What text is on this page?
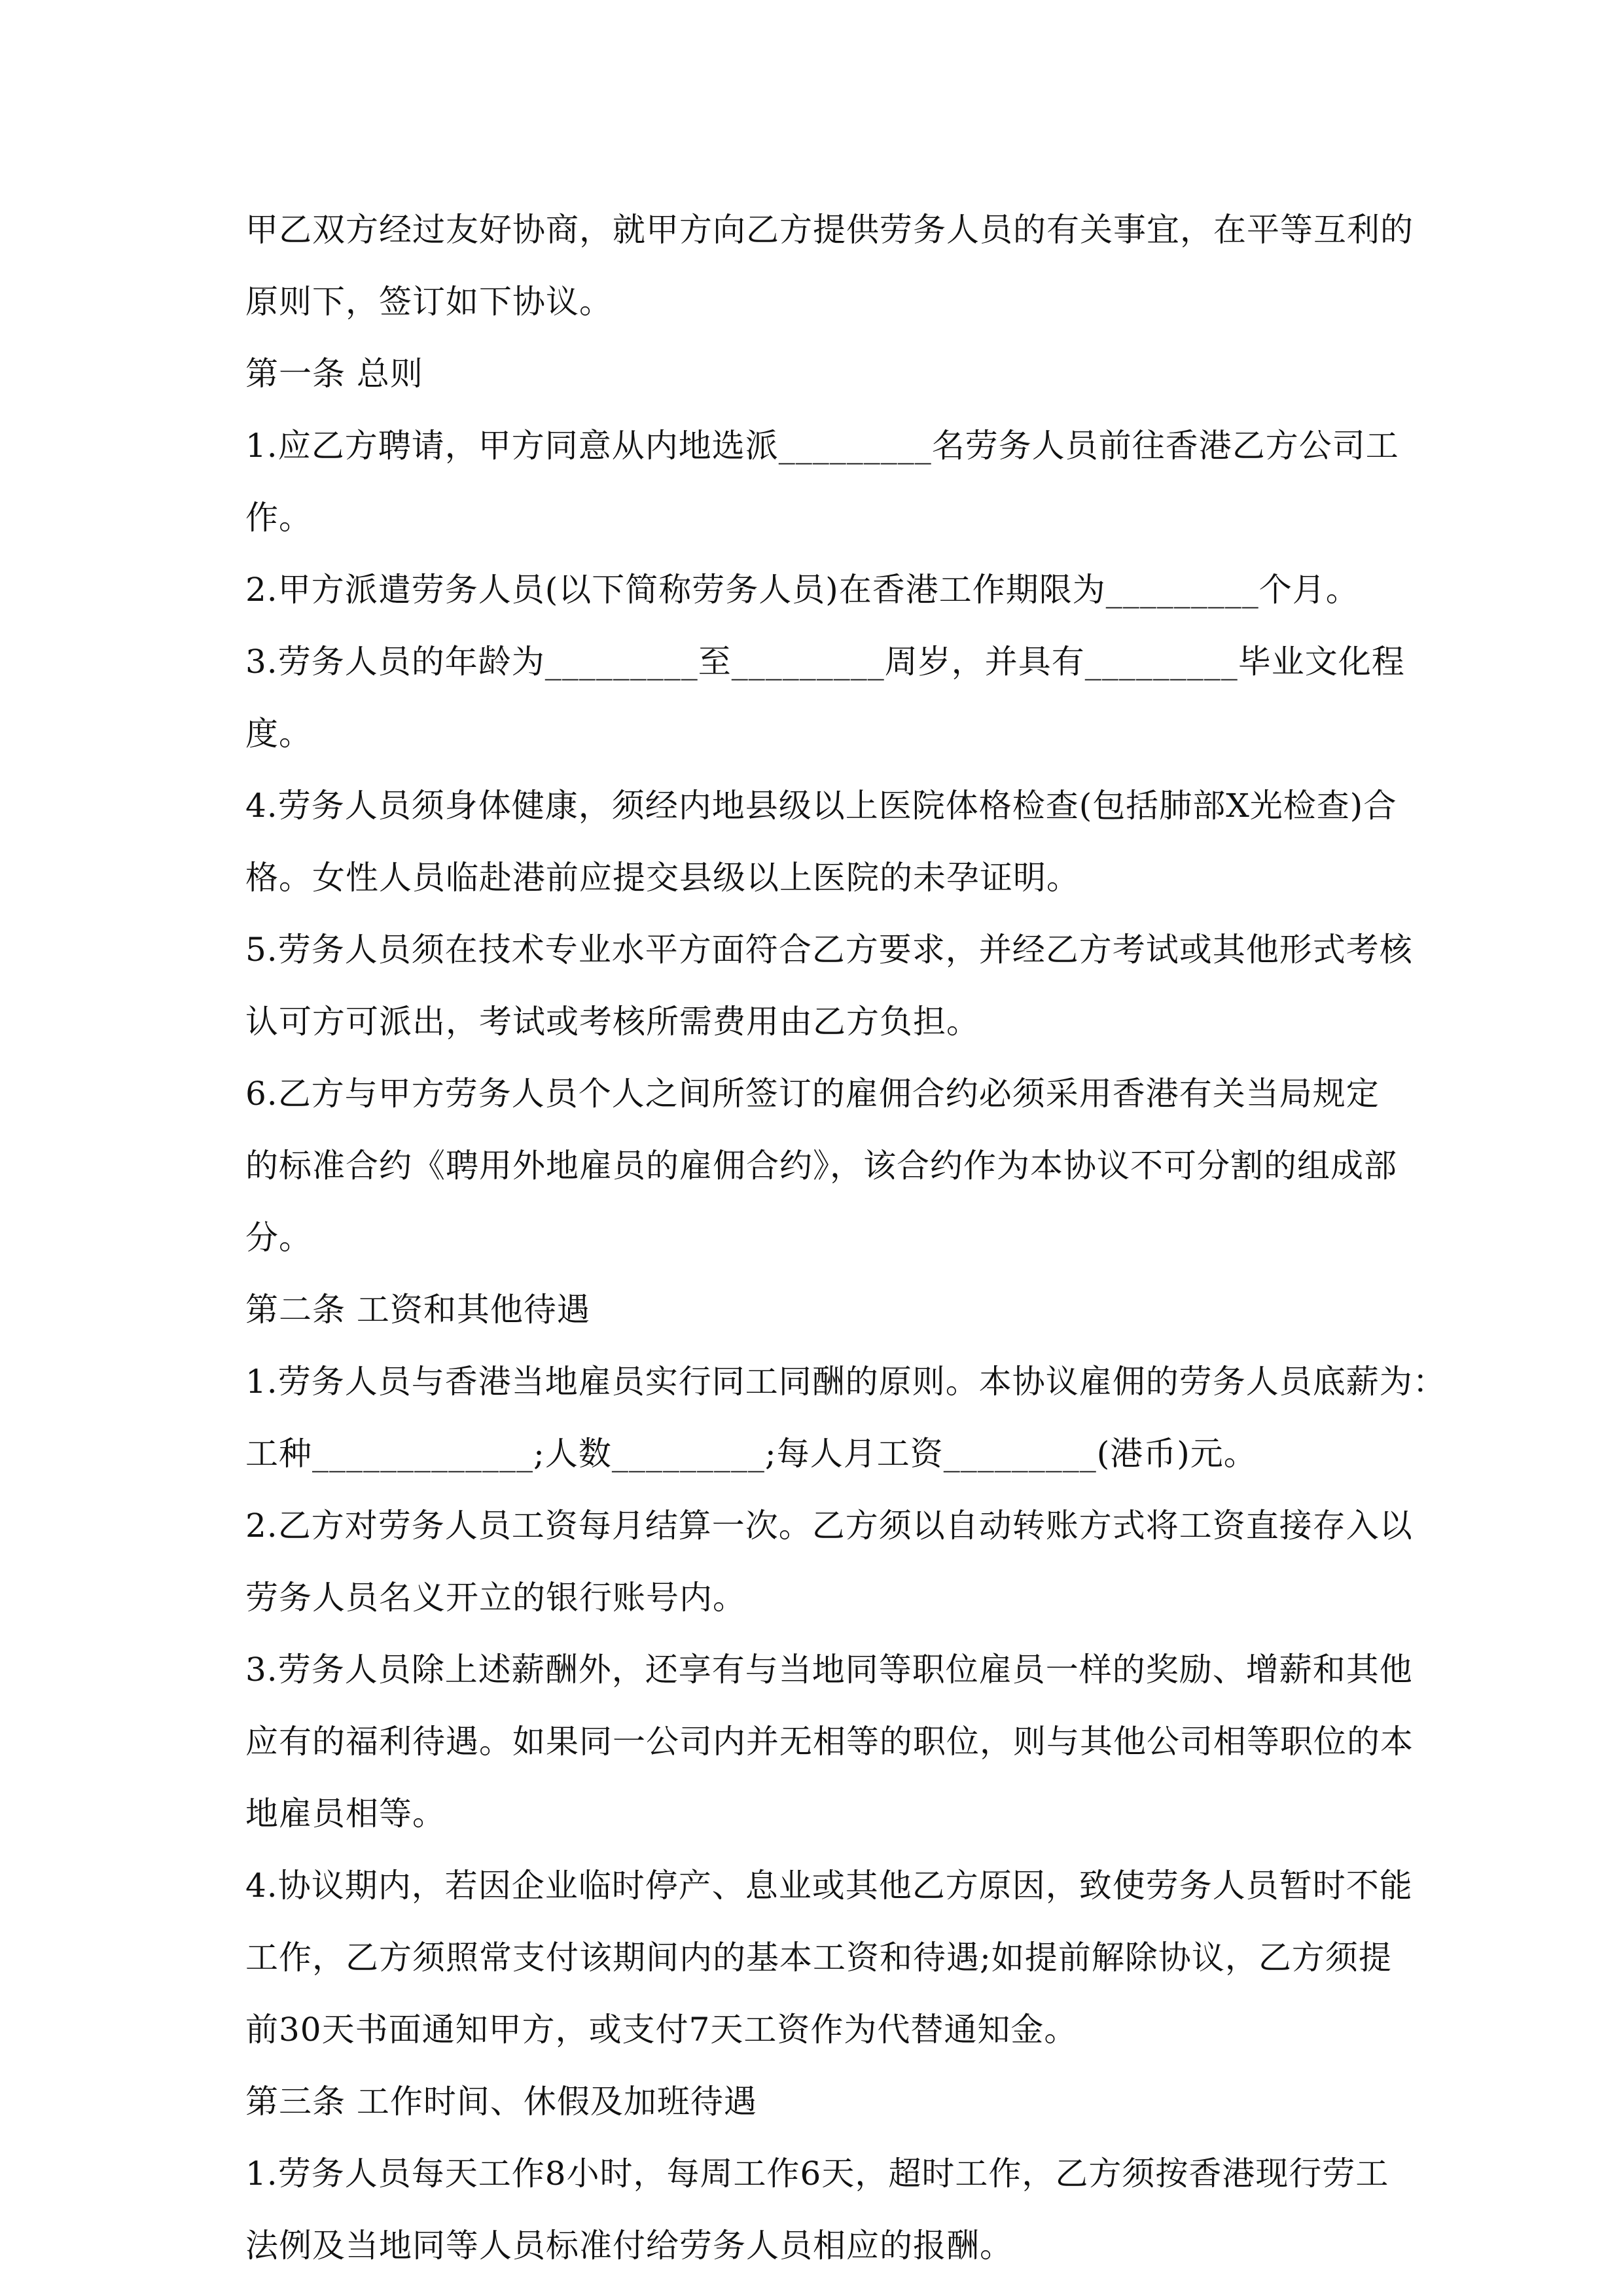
甲乙双方经过友好协商，就甲方向乙方提供劳务人员的有关事宜，在平等互利的
原则下，签订如下协议。
第一条 总则
1.应乙方聘请，甲方同意从内地选派_________名劳务人员前往香港乙方公司工
作。
2.甲方派遣劳务人员(以下简称劳务人员)在香港工作期限为_________个月。
3.劳务人员的年龄为_________至_________周岁，并具有_________毕业文化程
度。
4.劳务人员须身体健康，须经内地县级以上医院体格检查(包括肺部X光检查)合
格。女性人员临赴港前应提交县级以上医院的未孕证明。
5.劳务人员须在技术专业水平方面符合乙方要求，并经乙方考试或其他形式考核
认可方可派出，考试或考核所需费用由乙方负担。
6.乙方与甲方劳务人员个人之间所签订的雇佣合约必须采用香港有关当局规定
的标准合约《聘用外地雇员的雇佣合约》，该合约作为本协议不可分割的组成部
分。
第二条 工资和其他待遇
1.劳务人员与香港当地雇员实行同工同酬的原则。本协议雇佣的劳务人员底薪为：
工种_____________;人数_________;每人月工资_________(港币)元。
2.乙方对劳务人员工资每月结算一次。乙方须以自动转账方式将工资直接存入以
劳务人员名义开立的银行账号内。
3.劳务人员除上述薪酬外，还享有与当地同等职位雇员一样的奖励、增薪和其他
应有的福利待遇。如果同一公司内并无相等的职位，则与其他公司相等职位的本
地雇员相等。
4.协议期内，若因企业临时停产、息业或其他乙方原因，致使劳务人员暂时不能
工作，乙方须照常支付该期间内的基本工资和待遇;如提前解除协议，乙方须提
前30天书面通知甲方，或支付7天工资作为代替通知金。
第三条 工作时间、休假及加班待遇
1.劳务人员每天工作8小时，每周工作6天，超时工作，乙方须按香港现行劳工
法例及当地同等人员标准付给劳务人员相应的报酬。
